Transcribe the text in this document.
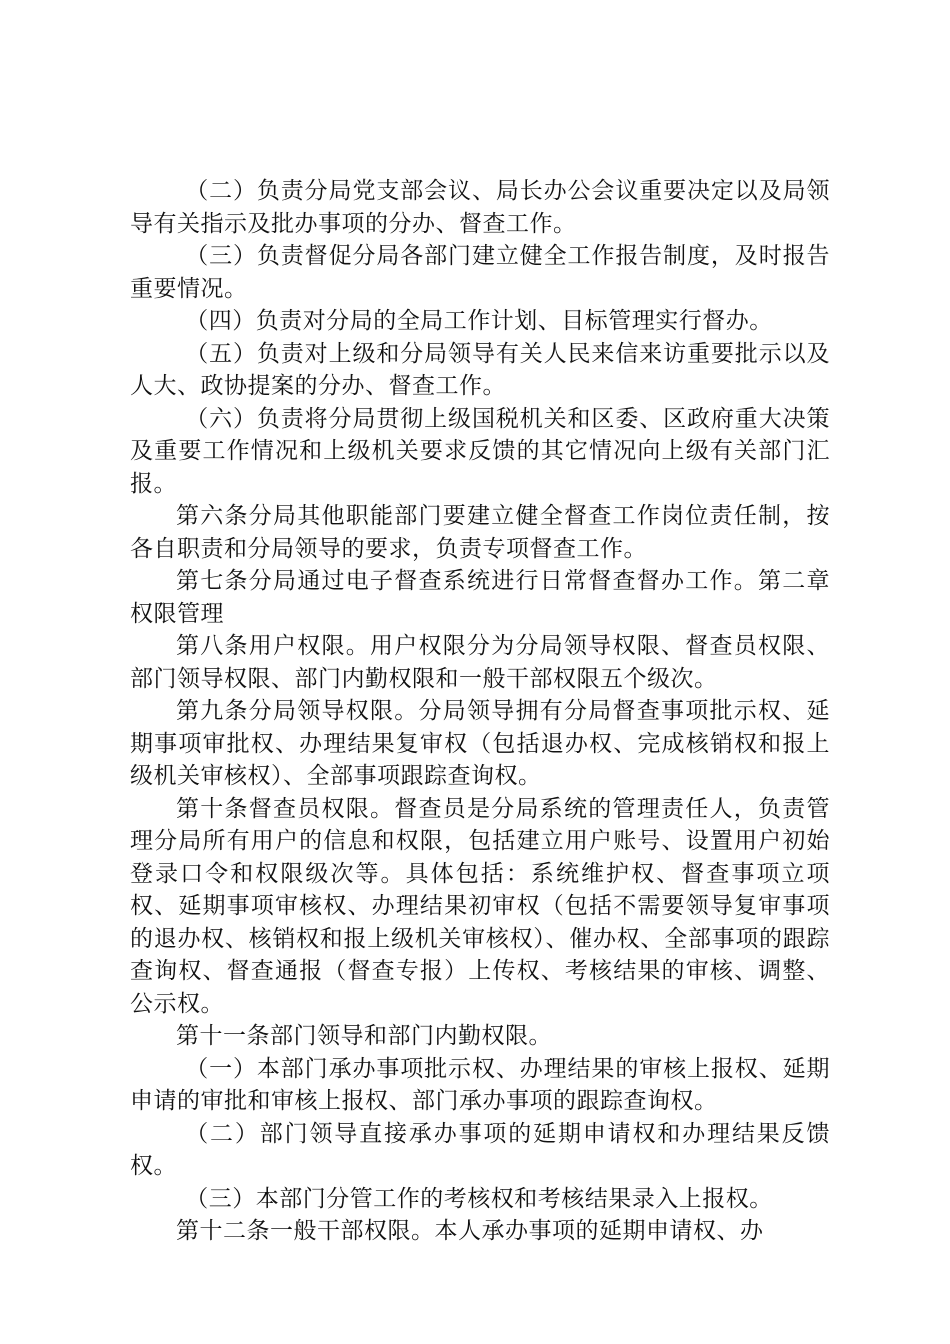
（二）负责分局党支部会议、局长办公会议重要决定以及局领导有关指示及批办事项的分办、督查工作。

（三）负责督促分局各部门建立健全工作报告制度，及时报告重要情况。

（四）负责对分局的全局工作计划、目标管理实行督办。

（五）负责对上级和分局领导有关人民来信来访重要批示以及人大、政协提案的分办、督查工作。

（六）负责将分局贯彻上级国税机关和区委、区政府重大决策及重要工作情况和上级机关要求反馈的其它情况向上级有关部门汇报。

第六条分局其他职能部门要建立健全督查工作岗位责任制，按各自职责和分局领导的要求，负责专项督查工作。

第七条分局通过电子督查系统进行日常督查督办工作。第二章权限管理

第八条用户权限。用户权限分为分局领导权限、督查员权限、部门领导权限、部门内勤权限和一般干部权限五个级次。

第九条分局领导权限。分局领导拥有分局督查事项批示权、延期事项审批权、办理结果复审权（包括退办权、完成核销权和报上级机关审核权）、全部事项跟踪查询权。

第十条督查员权限。督查员是分局系统的管理责任人，负责管理分局所有用户的信息和权限，包括建立用户账号、设置用户初始登录口令和权限级次等。具体包括：系统维护权、督查事项立项权、延期事项审核权、办理结果初审权（包括不需要领导复审事项的退办权、核销权和报上级机关审核权）、催办权、全部事项的跟踪查询权、督查通报（督查专报）上传权、考核结果的审核、调整、公示权。

第十一条部门领导和部门内勤权限。

（一）本部门承办事项批示权、办理结果的审核上报权、延期申请的审批和审核上报权、部门承办事项的跟踪查询权。

（二）部门领导直接承办事项的延期申请权和办理结果反馈权。

（三）本部门分管工作的考核权和考核结果录入上报权。

第十二条一般干部权限。本人承办事项的延期申请权、办
